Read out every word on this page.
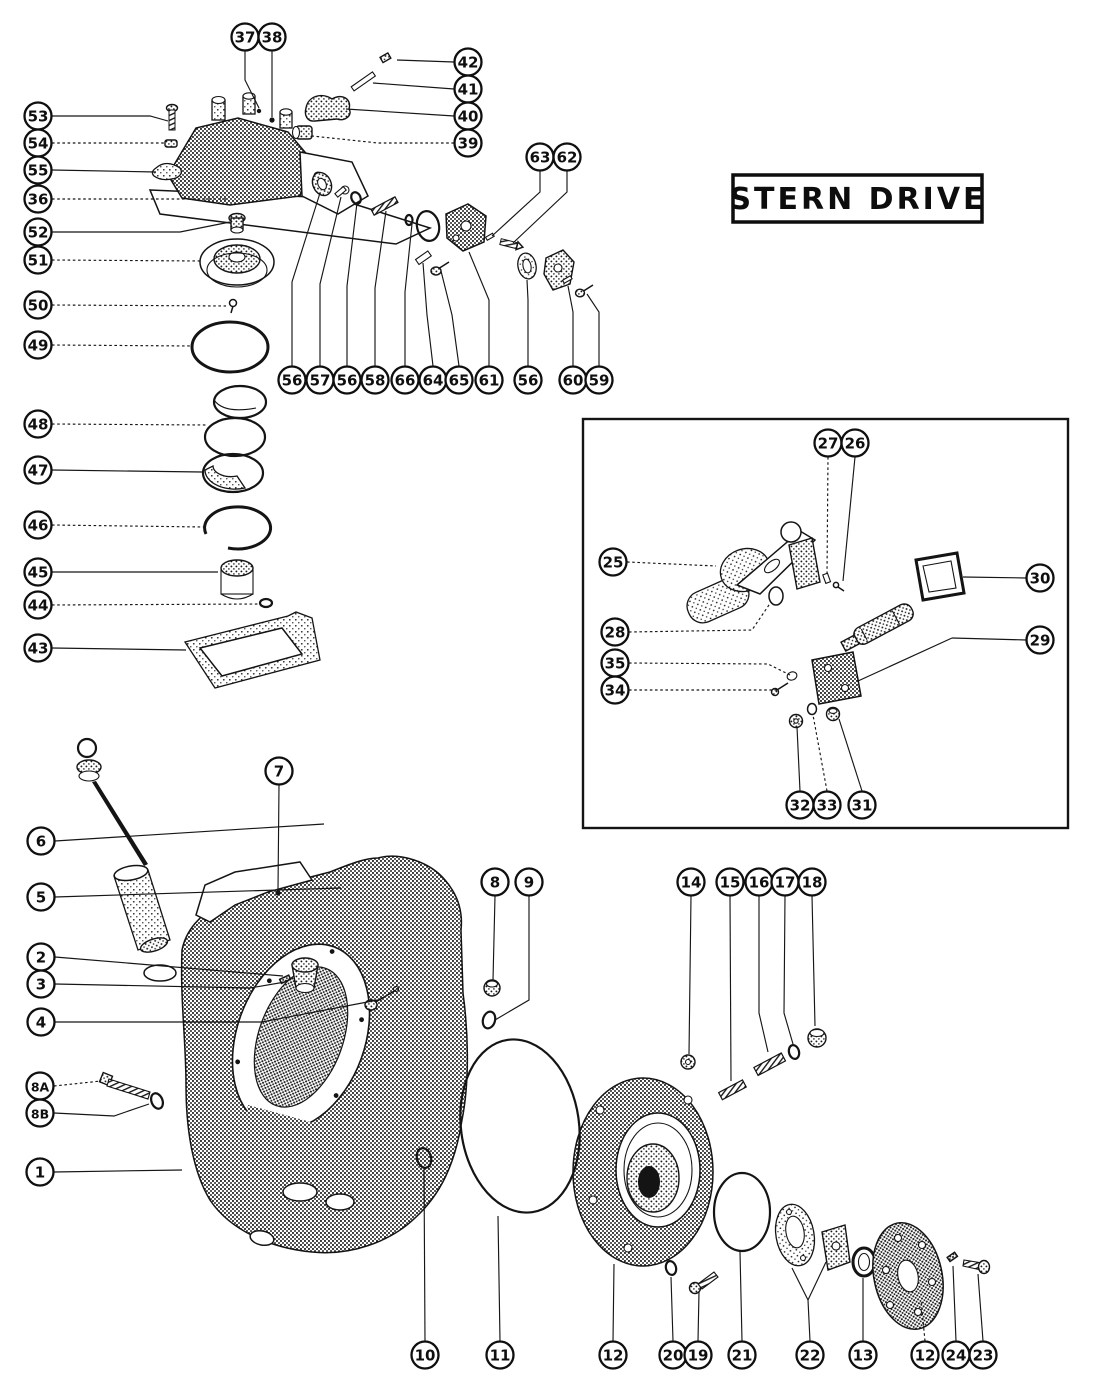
STERN DRIVE
37 38
42
41
40
39
53
54
55
36
52
51
50
49
48
47
46
45
44
43
63 62
56 57 56 58 66 64 65 61 56 60 59
25
27 26
30
28	29
35
34
32 33 31
7
6
5
2
3
4
8A
8B
1
8 9	14 15 16 17 18
10	11	12	20 19 21	22 13	12 24 23
